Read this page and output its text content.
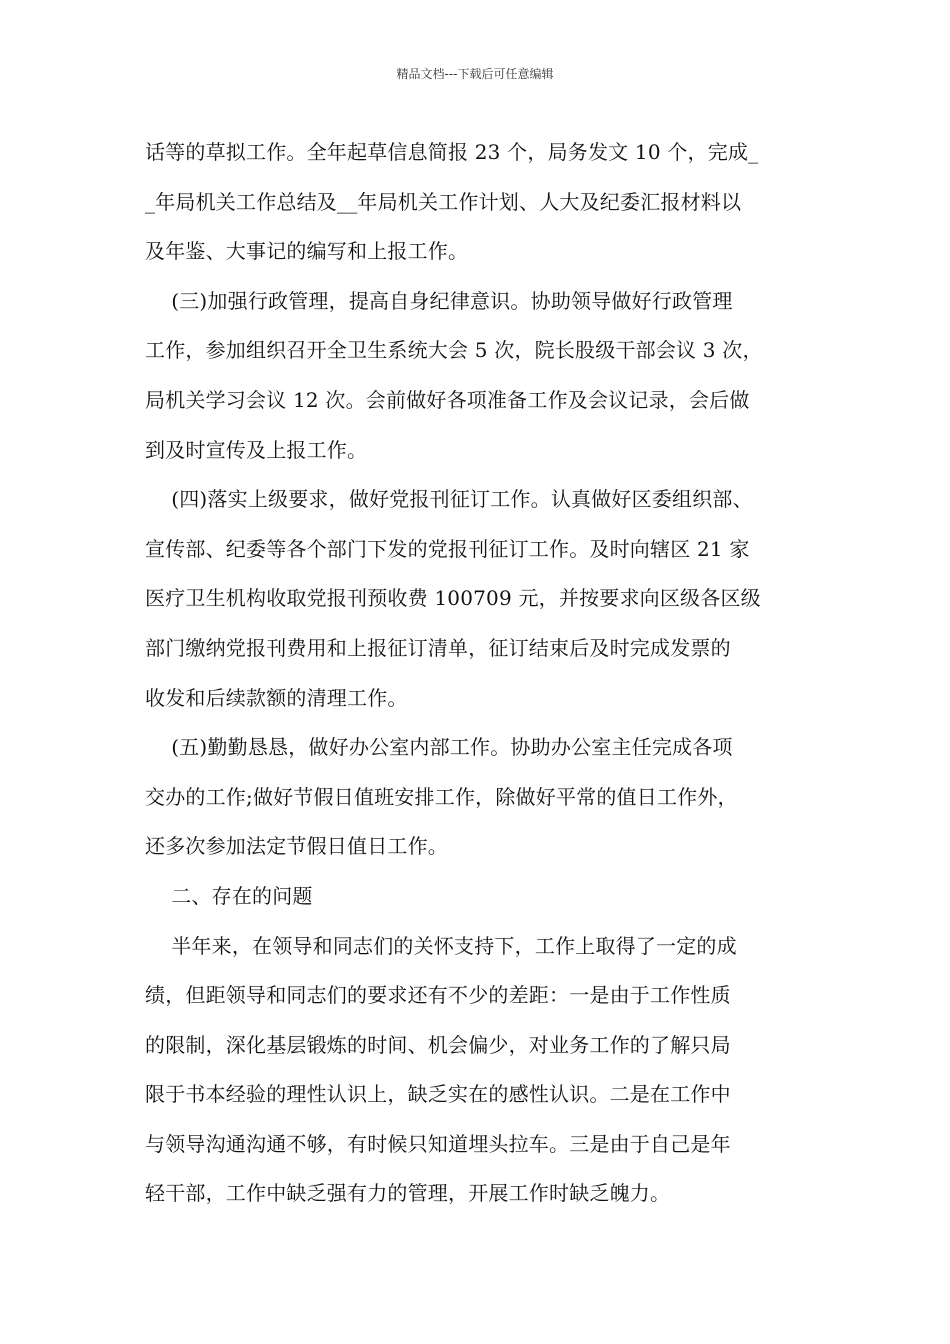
精品文档---下载后可任意编辑
话等的草拟工作。全年起草信息简报 23 个，局务发文 10 个，完成_
_年局机关工作总结及__年局机关工作计划、人大及纪委汇报材料以
及年鉴、大事记的编写和上报工作。
(三)加强行政管理，提高自身纪律意识。协助领导做好行政管理
工作，参加组织召开全卫生系统大会 5 次，院长股级干部会议 3 次，
局机关学习会议 12 次。会前做好各项准备工作及会议记录，会后做
到及时宣传及上报工作。
(四)落实上级要求，做好党报刊征订工作。认真做好区委组织部、
宣传部、纪委等各个部门下发的党报刊征订工作。及时向辖区 21 家
医疗卫生机构收取党报刊预收费 100709 元，并按要求向区级各区级
部门缴纳党报刊费用和上报征订清单，征订结束后及时完成发票的
收发和后续款额的清理工作。
(五)勤勤恳恳，做好办公室内部工作。协助办公室主任完成各项
交办的工作;做好节假日值班安排工作，除做好平常的值日工作外，
还多次参加法定节假日值日工作。
二、存在的问题
半年来，在领导和同志们的关怀支持下，工作上取得了一定的成
绩，但距领导和同志们的要求还有不少的差距：一是由于工作性质
的限制，深化基层锻炼的时间、机会偏少，对业务工作的了解只局
限于书本经验的理性认识上，缺乏实在的感性认识。二是在工作中
与领导沟通沟通不够，有时候只知道埋头拉车。三是由于自己是年
轻干部，工作中缺乏强有力的管理，开展工作时缺乏魄力。
